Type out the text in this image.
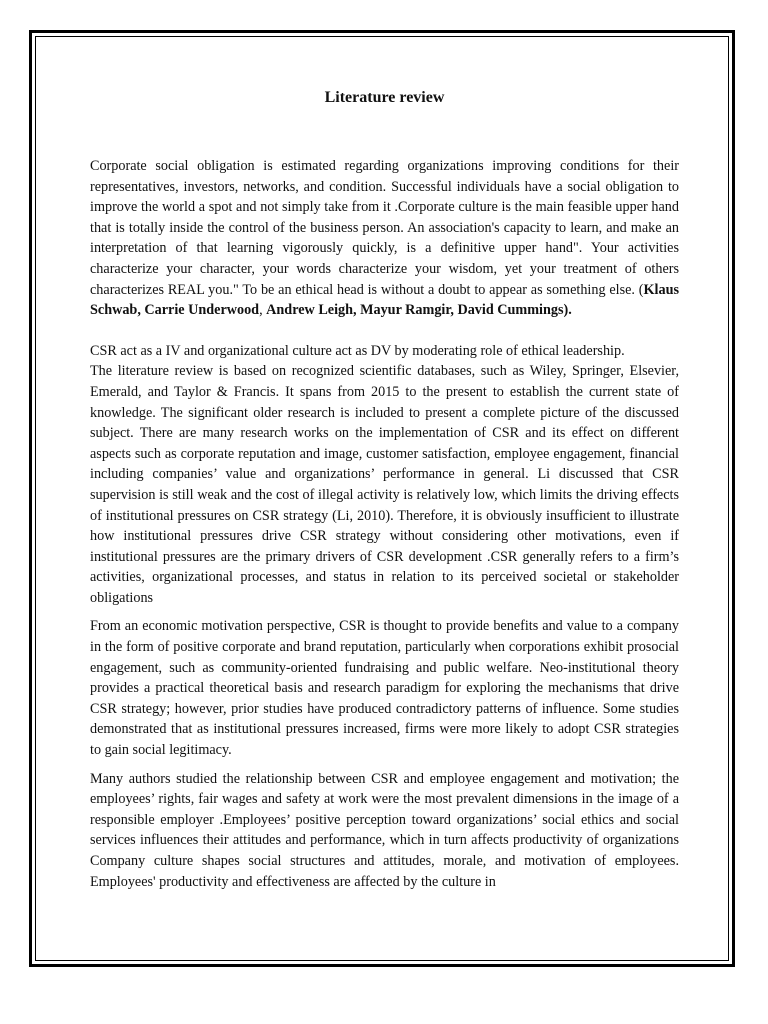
Literature review

Corporate social obligation is estimated regarding organizations improving conditions for their representatives, investors, networks, and condition. Successful individuals have a social obligation to improve the world a spot and not simply take from it .Corporate culture is the main feasible upper hand that is totally inside the control of the business person. An association's capacity to learn, and make an interpretation of that learning vigorously quickly, is a definitive upper hand". Your activities characterize your character, your words characterize your wisdom, yet your treatment of others characterizes REAL you." To be an ethical head is without a doubt to appear as something else. (Klaus Schwab, Carrie Underwood, Andrew Leigh, Mayur Ramgir, David Cummings).

CSR act as a IV and organizational culture act as DV by moderating role of ethical leadership.
The literature review is based on recognized scientific databases, such as Wiley, Springer, Elsevier, Emerald, and Taylor & Francis. It spans from 2015 to the present to establish the current state of knowledge. The significant older research is included to present a complete picture of the discussed subject. There are many research works on the implementation of CSR and its effect on different aspects such as corporate reputation and image, customer satisfaction, employee engagement, financial including companies’ value and organizations’ performance in general. Li discussed that CSR supervision is still weak and the cost of illegal activity is relatively low, which limits the driving effects of institutional pressures on CSR strategy (Li, 2010). Therefore, it is obviously insufficient to illustrate how institutional pressures drive CSR strategy without considering other motivations, even if institutional pressures are the primary drivers of CSR development .CSR generally refers to a firm’s activities, organizational processes, and status in relation to its perceived societal or stakeholder obligations

From an economic motivation perspective, CSR is thought to provide benefits and value to a company in the form of positive corporate and brand reputation, particularly when corporations exhibit prosocial engagement, such as community-oriented fundraising and public welfare. Neo-institutional theory provides a practical theoretical basis and research paradigm for exploring the mechanisms that drive CSR strategy; however, prior studies have produced contradictory patterns of influence. Some studies demonstrated that as institutional pressures increased, firms were more likely to adopt CSR strategies to gain social legitimacy.

Many authors studied the relationship between CSR and employee engagement and motivation; the employees’ rights, fair wages and safety at work were the most prevalent dimensions in the image of a responsible employer .Employees’ positive perception toward organizations’ social ethics and social services influences their attitudes and performance, which in turn affects productivity of organizations Company culture shapes social structures and attitudes, morale, and motivation of employees. Employees' productivity and effectiveness are affected by the culture in
